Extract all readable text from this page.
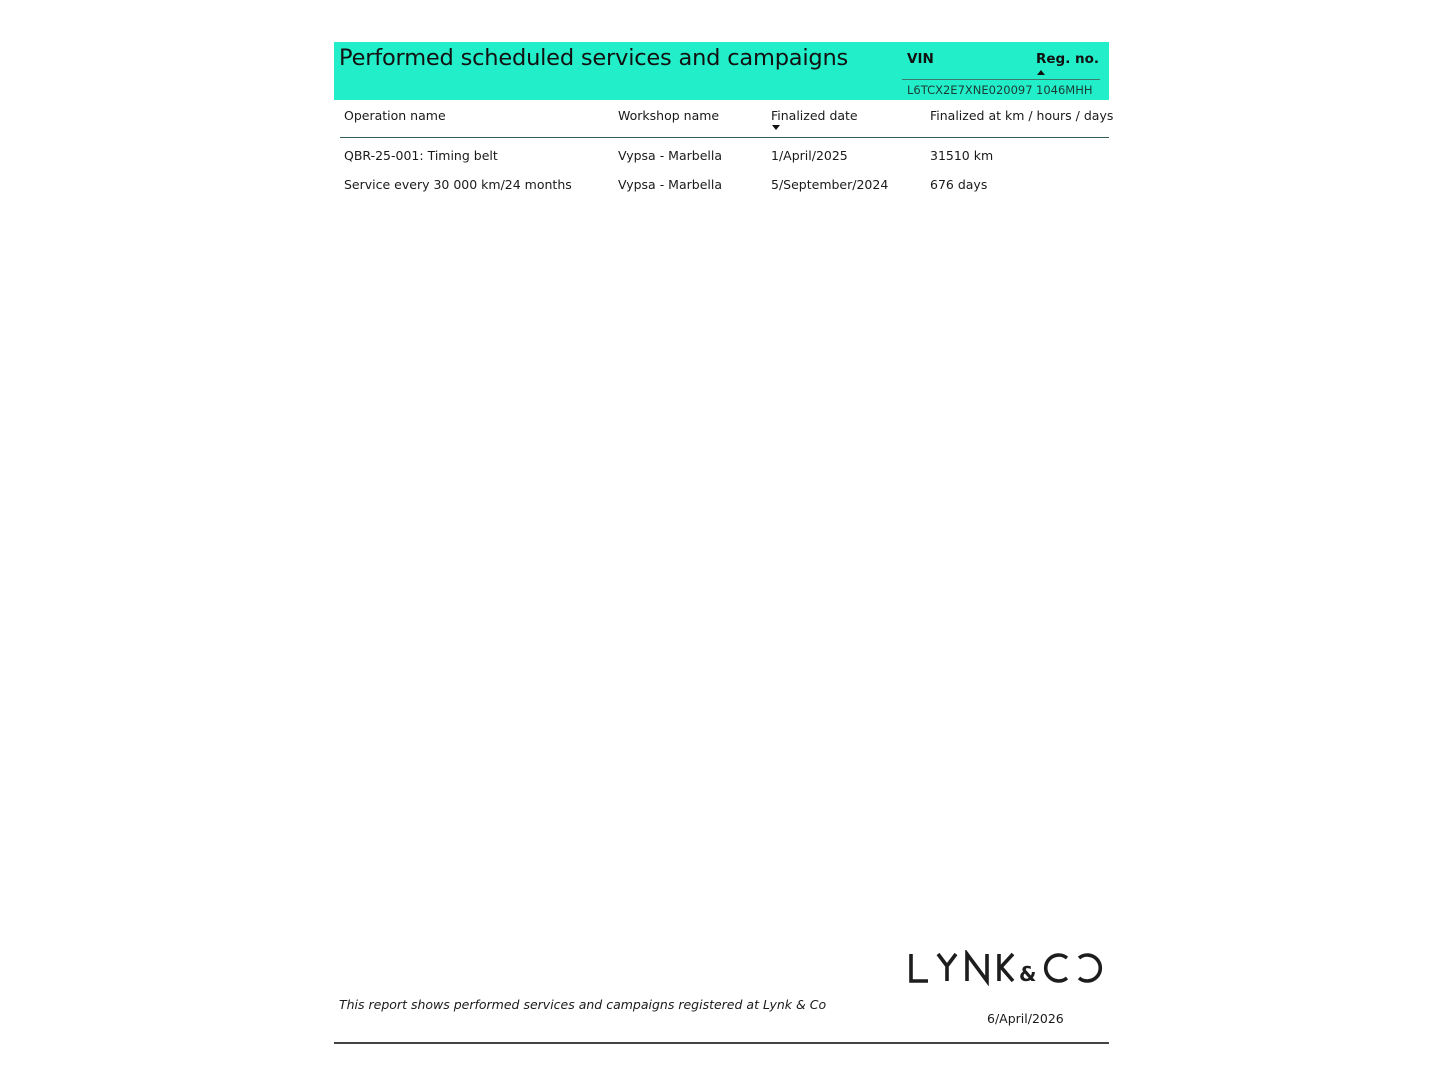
Performed scheduled services and campaigns	VIN	Reg. no.
L6TCX2E7XNE020097 1046MHH
Operation name	Workshop name	Finalized date	Finalized at km / hours / days
QBR-25-001: Timing belt	Vypsa - Marbella	1/April/2025	31510 km
Service every 30 000 km/24 months	Vypsa - Marbella	5/September/2024	676 days
&
This report shows performed services and campaigns registered at Lynk & Co
6/April/2026
